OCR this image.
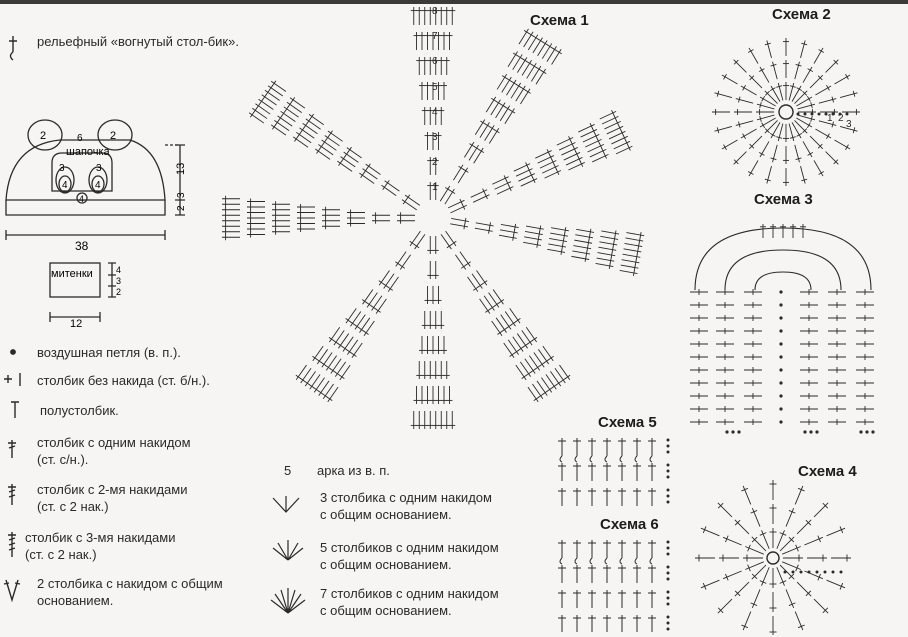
рельефный «вогнутый стол-бик».
воздушная петля (в. п.).
столбик без накида (ст. б/н.).
полустолбик.
столбик с одним накидом
(ст. с/н.).
столбик с 2-мя накидами
(ст. с 2 нак.)
столбик с 3-мя накидами
(ст. с 2 нак.)
2 столбика с накидом с общим
основанием.
2	2
6
3	3
4	4
4
шапочка
38
13
2
3
митенки
12
4
3
2
5 арка из в. п.
3 столбика с одним накидом
с общим основанием.
5 столбиков с одним накидом
с общим основанием.
7 столбиков с одним накидом
с общим основанием.
Схема 1
8
7
6
5
4
3
2
1
Схема 2
1 2
3
Схема 3
Схема 4
Схема 5
Схема 6
